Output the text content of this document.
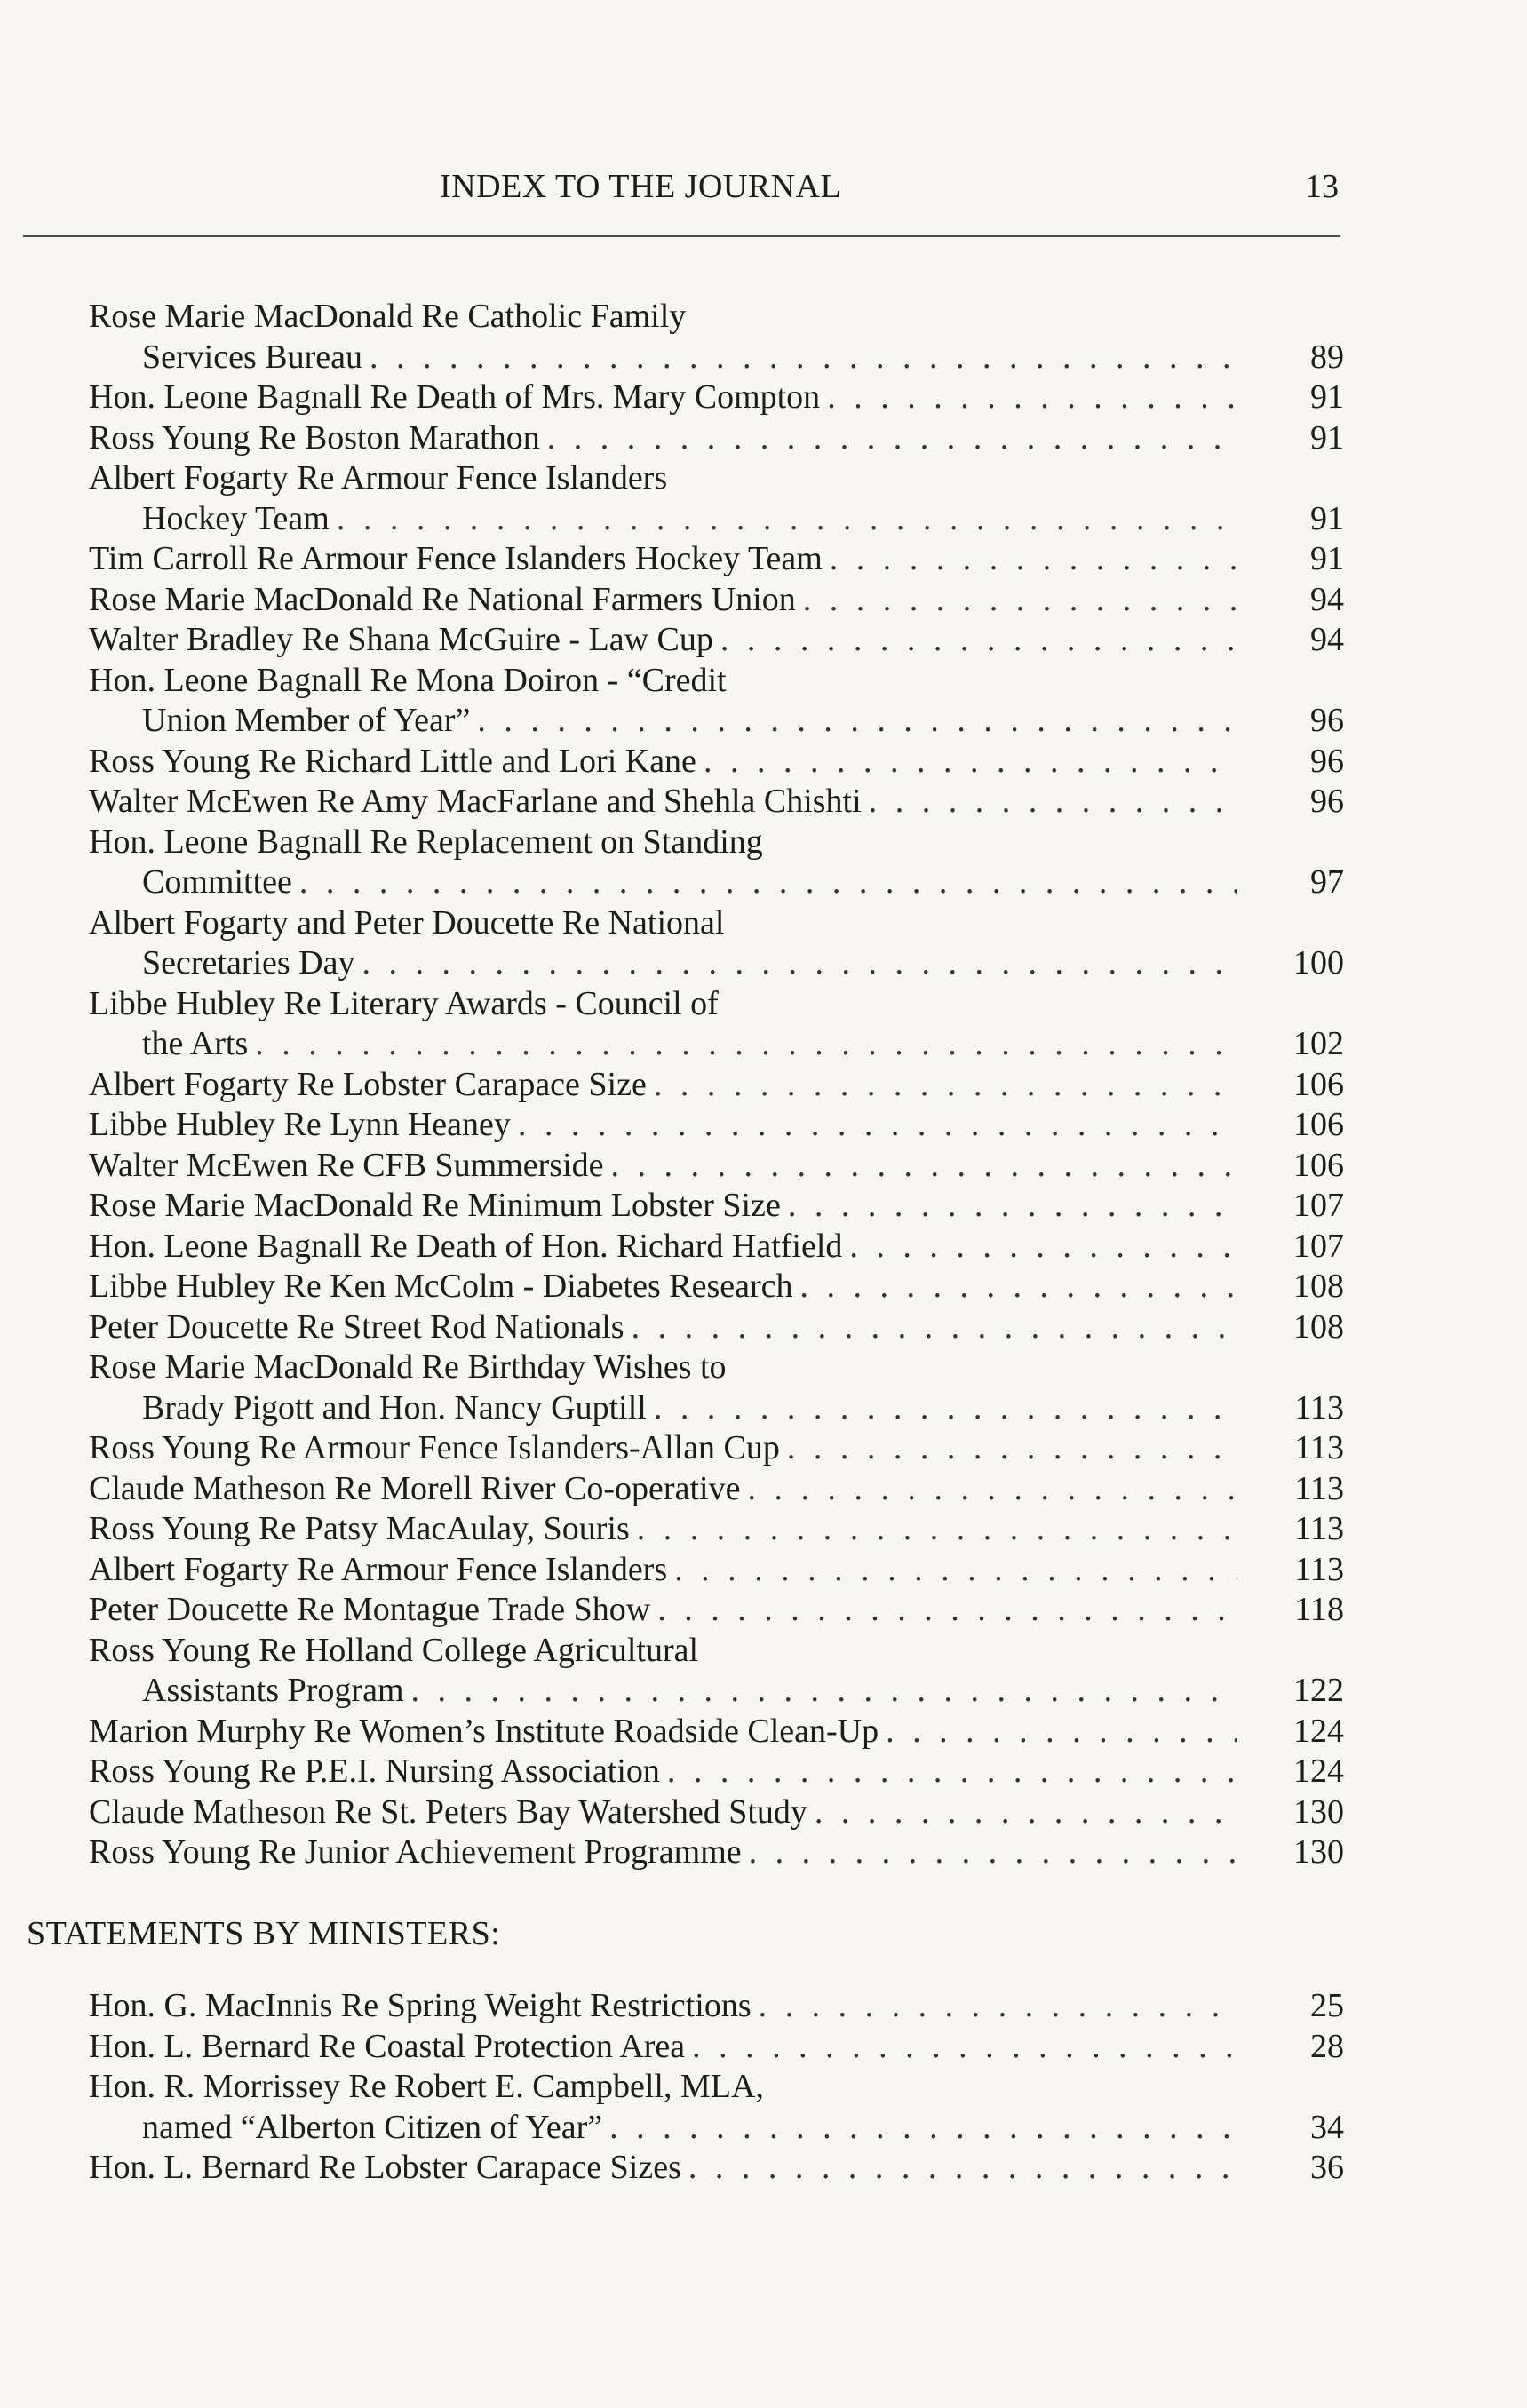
INDEX TO THE JOURNAL	13
STATEMENTS BY MINISTERS:
Rose Marie MacDonald Re Catholic Family
Services Bureau . . .	89
Hon. Leone Bagnall Re Death of Mrs. Mary Compton . . .	91
Ross Young Re Boston Marathon . . .	91
Albert Fogarty Re Armour Fence Islanders
Hockey Team . . .	91
Tim Carroll Re Armour Fence Islanders Hockey Team . . .	91
Rose Marie MacDonald Re National Farmers Union . . .	94
Walter Bradley Re Shana McGuire - Law Cup . . .	94
Hon. Leone Bagnall Re Mona Doiron - “Credit
Union Member of Year” . . .	96
Ross Young Re Richard Little and Lori Kane . . .	96
Walter McEwen Re Amy MacFarlane and Shehla Chishti . . .	96
Hon. Leone Bagnall Re Replacement on Standing
Committee . . .	97
Albert Fogarty and Peter Doucette Re National
Secretaries Day . . .	100
Libbe Hubley Re Literary Awards - Council of
the Arts . . .	102
Albert Fogarty Re Lobster Carapace Size . . .	106
Libbe Hubley Re Lynn Heaney . . .	106
Walter McEwen Re CFB Summerside . . .	106
Rose Marie MacDonald Re Minimum Lobster Size . . .	107
Hon. Leone Bagnall Re Death of Hon. Richard Hatfield . . .	107
Libbe Hubley Re Ken McColm - Diabetes Research . . .	108
Peter Doucette Re Street Rod Nationals . . .	108
Rose Marie MacDonald Re Birthday Wishes to
Brady Pigott and Hon. Nancy Guptill . . .	113
Ross Young Re Armour Fence Islanders-Allan Cup . . .	113
Claude Matheson Re Morell River Co-operative . . .	113
Ross Young Re Patsy MacAulay, Souris . . .	113
Albert Fogarty Re Armour Fence Islanders . . .	113
Peter Doucette Re Montague Trade Show . . .	118
Ross Young Re Holland College Agricultural
Assistants Program . . .	122
Marion Murphy Re Women’s Institute Roadside Clean-Up . . .	124
Ross Young Re P.E.I. Nursing Association . . .	124
Claude Matheson Re St. Peters Bay Watershed Study . . .	130
Ross Young Re Junior Achievement Programme . . .	130
Hon. G. MacInnis Re Spring Weight Restrictions . . .	25
Hon. L. Bernard Re Coastal Protection Area . . .	28
Hon. R. Morrissey Re Robert E. Campbell, MLA,
named “Alberton Citizen of Year” . . .	34
Hon. L. Bernard Re Lobster Carapace Sizes . . .	36
